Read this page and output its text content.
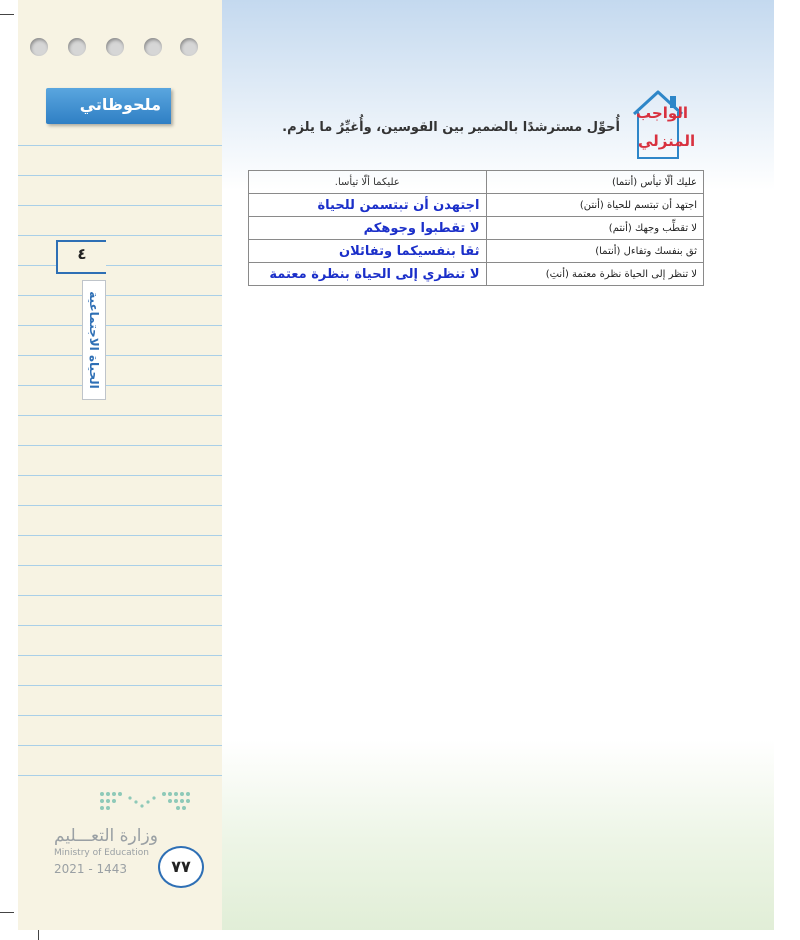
ملحوظاتي
٤
الحياة الاجتماعية
وزارة التعـــليم
Ministry of Education
2021 - 1443	٧٧
الواجب
المنزلي
أُحوِّل مسترشدًا بالضمير بين القوسين، وأُغيِّرُ ما يلزم.
عليكما ألّا تيأسا.	عليك ألّا تيأس (أنتما)
اجتهدن أن تبتسمن للحياة	اجتهد أن تبتسم للحياة (أنتن)
لا تقطبوا وجوهكم	لا تقطِّب وجهك (أنتم)
ثقا بنفسيكما وتفائلان	ثق بنفسك وتفاءل (أنتما)
لا تنظري إلى الحياة بنظرة معتمة	لا تنظر إلى الحياة نظرة معتمة (أنتِ)
